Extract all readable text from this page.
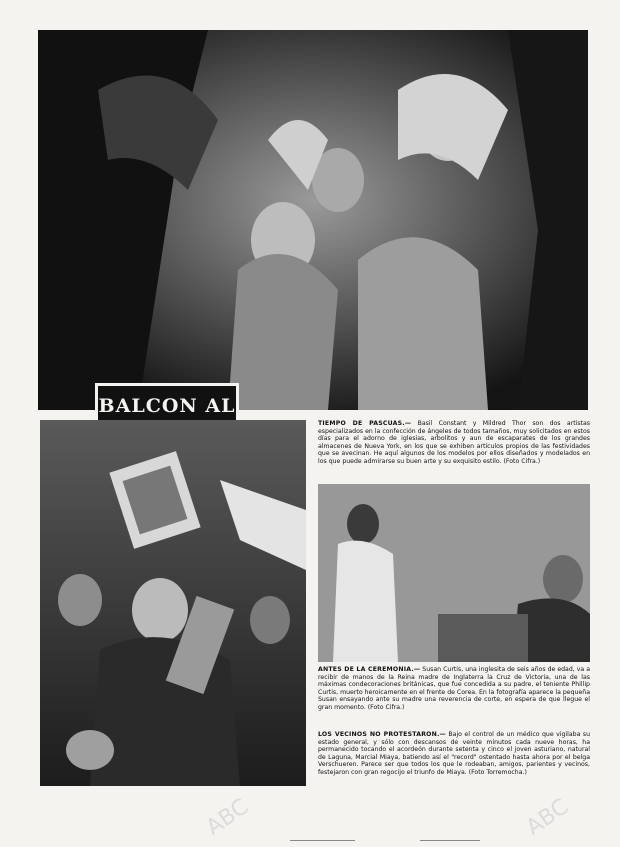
BALCON AL

TIEMPO DE PASCUAS.— Basil Constant y Mildred Thor son dos artistas especializados en la confección de ángeles de todos tamaños, muy solicitados en estos días para el adorno de iglesias, arbolitos y aun de escaparates de los grandes almacenes de Nueva York, en los que se exhiben artículos propios de las festividades que se avecinan. He aquí algunos de los modelos por ellos diseñados y modelados en los que puede admirarse su buen arte y su exquisito estilo. (Foto Cifra.)

ANTES DE LA CEREMONIA.— Susan Curtis, una inglesita de seis años de edad, va a recibir de manos de la Reina madre de Inglaterra la Cruz de Victoria, una de las máximas condecoraciones británicas, que fue concedida a su padre, el teniente Phillip Curtis, muerto heroicamente en el frente de Corea. En la fotografía aparece la pequeña Susan ensayando ante su madre una reverencia de corte, en espera de que llegue el gran momento. (Foto Cifra.)

LOS VECINOS NO PROTESTARON.— Bajo el control de un médico que vigilaba su estado general, y sólo con descansos de veinte minutos cada nueve horas, ha permanecido tocando el acordeón durante setenta y cinco el joven asturiano, natural de Laguna, Marcial Miaya, batiendo así el "record" ostentado hasta ahora por el belga Verschueren. Parece ser que todos los que le rodeaban, amigos, parientes y vecinos, festejaron con gran regocijo el triunfo de Miaya. (Foto Torremocha.)

ABC	ABC
